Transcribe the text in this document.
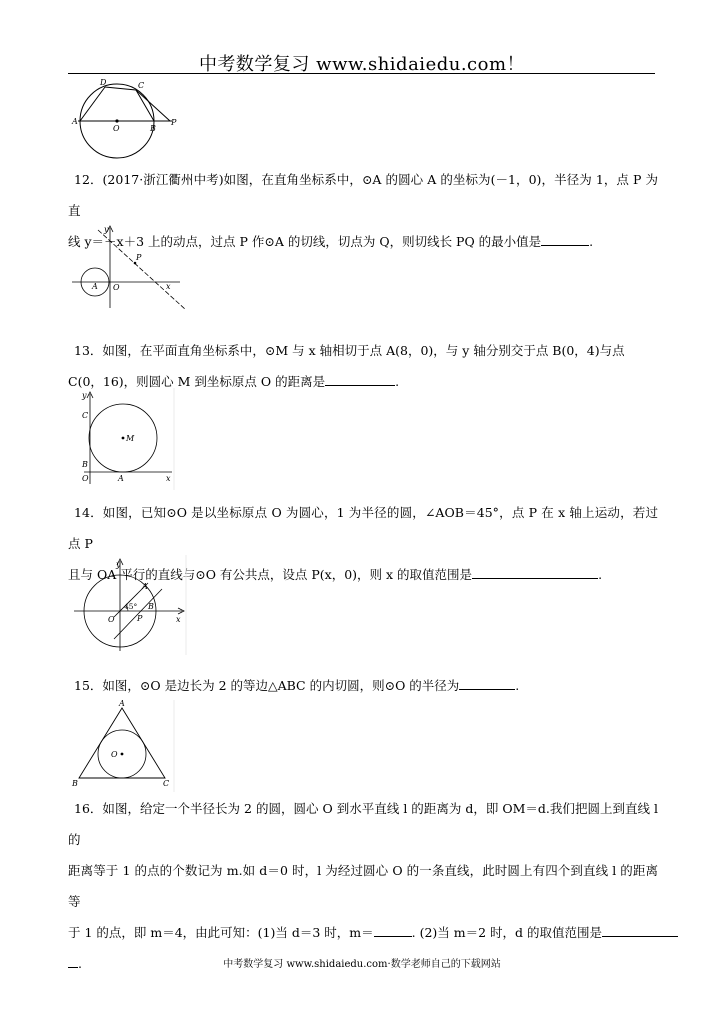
中考数学复习 www.shidaiedu.com！
D	C
A
O	B
P
12．(2017·浙江衢州中考)如图，在直角坐标系中，⊙A 的圆心 A 的坐标为(－1，0)，半径为 1，点 P 为直
线 y＝－x＋3 上的动点，过点 P 作⊙A 的切线，切点为 Q，则切线长 PQ 的最小值是	.
y
P
A O	x
13．如图，在平面直角坐标系中，⊙M 与 x 轴相切于点 A(8，0)，与 y 轴分别交于点 B(0，4)与点
C(0，16)，则圆心 M 到坐标原点 O 的距离是	.
y
C
M
B
O	A	x
14．如图，已知⊙O 是以坐标原点 O 为圆心，1 为半径的圆，∠AOB＝45°，点 P 在 x 轴上运动，若过点 P
且与 OA 平行的直线与⊙O 有公共点，设点 P(x，0)，则 x 的取值范围是	.
y
A
45° B
O	P	x
15．如图，⊙O 是边长为 2 的等边△ABC 的内切圆，则⊙O 的半径为	.
A
O
B	C
16．如图，给定一个半径长为 2 的圆，圆心 O 到水平直线 l 的距离为 d，即 OM＝d.我们把圆上到直线 l 的
距离等于 1 的点的个数记为 m.如 d＝0 时，l 为经过圆心 O 的一条直线，此时圆上有四个到直线 l 的距离等
于 1 的点，即 m＝4，由此可知：(1)当 d＝3 时，m＝	. (2)当 m＝2 时，d 的取值范围是
.	中考数学复习 www.shidaiedu.com·数学老师自己的下载网站
